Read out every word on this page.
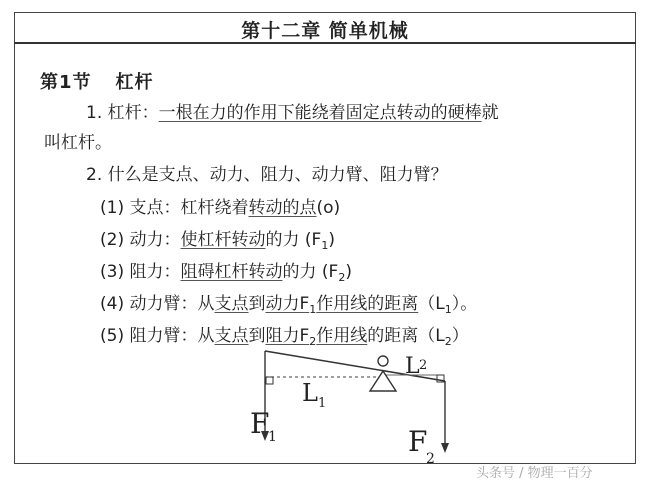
第十二章 简单机械
第1节 杠杆
1. 杠杆：一根在力的作用下能绕着固定点转动的硬棒就
叫杠杆。
2. 什么是支点、动力、阻力、动力臂、阻力臂？
(1) 支点：杠杆绕着转动的点(o)
(2) 动力：使杠杆转动的力 $(F_1)$
(3) 阻力：阻碍杠杆转动的力 $(F_2)$
(4) 动力臂：从支点到动力$F_1$作用线的距离$(L_1)$。
(5) 阻力臂：从支点到阻力$F_2$作用线的距离$(L_2)$
L 1
L 2
F
1	F
2
头条号 / 物理一百分
